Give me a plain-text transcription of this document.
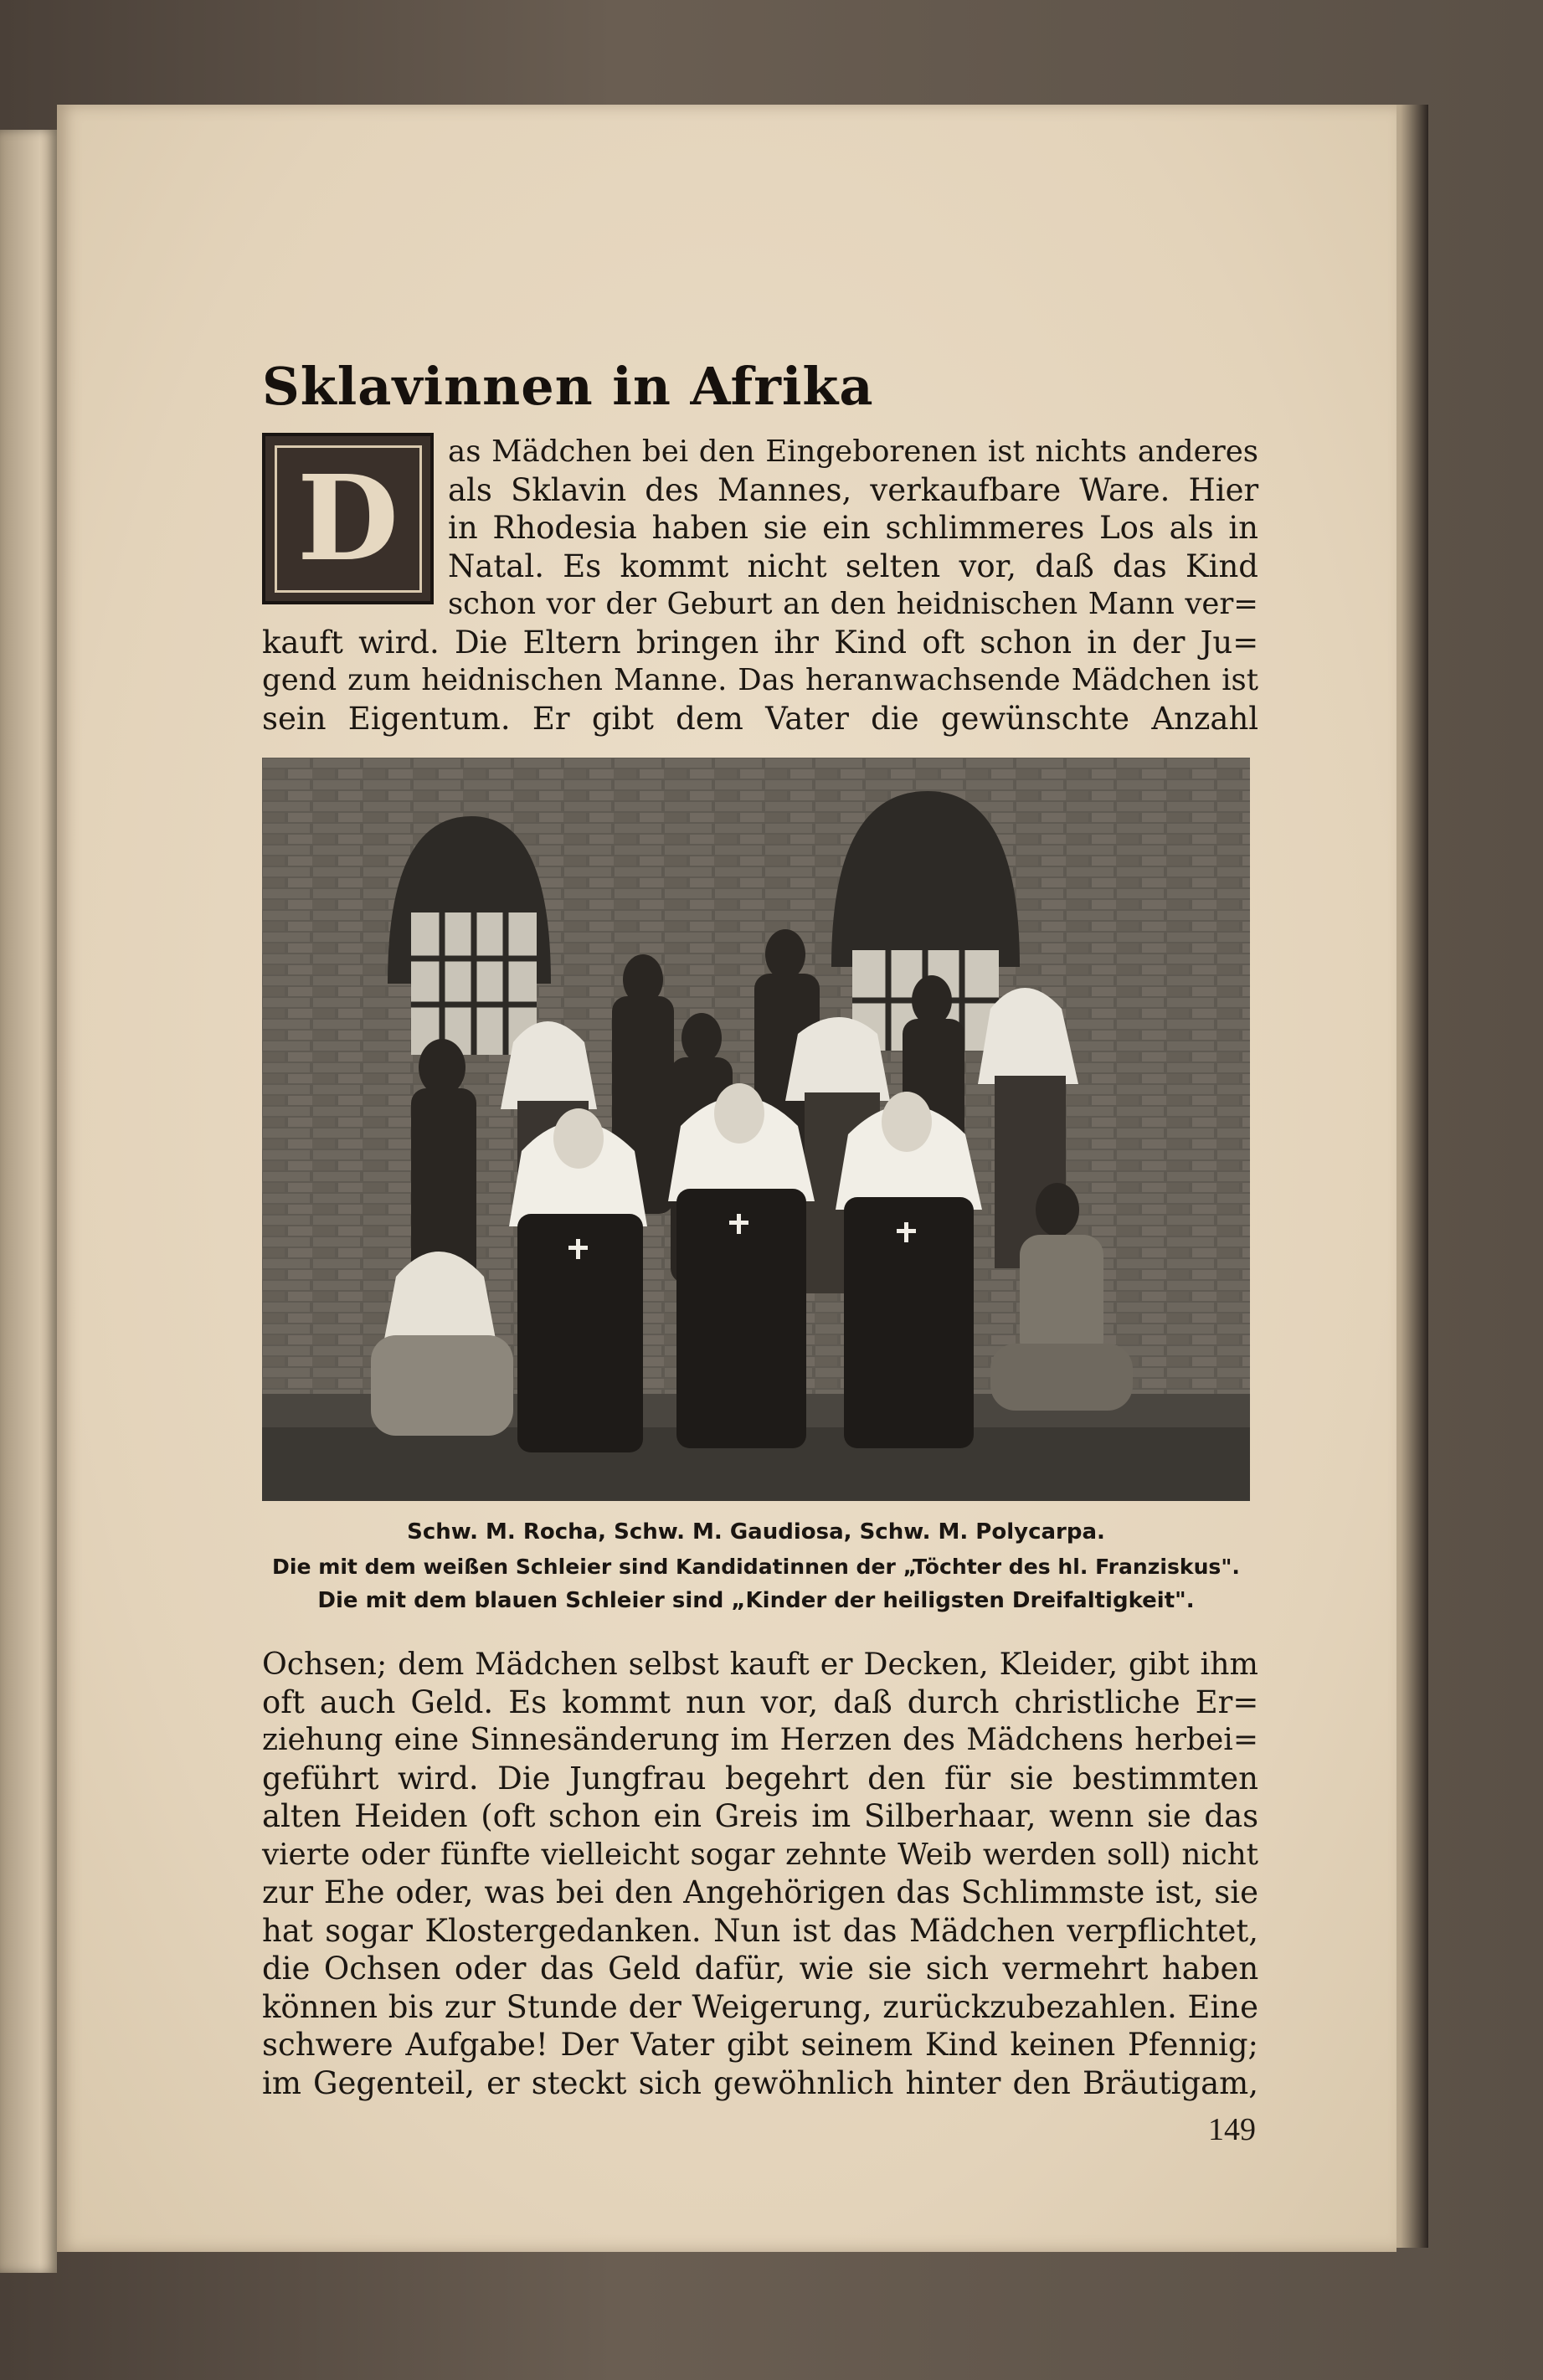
Sklavinnen in Afrika
D	as Mädchen bei den Eingeborenen ist nichts anderes
als Sklavin des Mannes, verkaufbare Ware. Hier
in Rhodesia haben sie ein schlimmeres Los als in
Natal. Es kommt nicht selten vor, daß das Kind
schon vor der Geburt an den heidnischen Mann ver=
kauft wird. Die Eltern bringen ihr Kind oft schon in der Ju=
gend zum heidnischen Manne. Das heranwachsende Mädchen ist
sein Eigentum. Er gibt dem Vater die gewünschte Anzahl
Schw. M. Rocha, Schw. M. Gaudiosa, Schw. M. Polycarpa.
Die mit dem weißen Schleier sind Kandidatinnen der „Töchter des hl. Franziskus".
Die mit dem blauen Schleier sind „Kinder der heiligsten Dreifaltigkeit".
Ochsen; dem Mädchen selbst kauft er Decken, Kleider, gibt ihm
oft auch Geld. Es kommt nun vor, daß durch christliche Er=
ziehung eine Sinnesänderung im Herzen des Mädchens herbei=
geführt wird. Die Jungfrau begehrt den für sie bestimmten
alten Heiden (oft schon ein Greis im Silberhaar, wenn sie das
vierte oder fünfte vielleicht sogar zehnte Weib werden soll) nicht
zur Ehe oder, was bei den Angehörigen das Schlimmste ist, sie
hat sogar Klostergedanken. Nun ist das Mädchen verpflichtet,
die Ochsen oder das Geld dafür, wie sie sich vermehrt haben
können bis zur Stunde der Weigerung, zurückzubezahlen. Eine
schwere Aufgabe! Der Vater gibt seinem Kind keinen Pfennig;
im Gegenteil, er steckt sich gewöhnlich hinter den Bräutigam,
149
